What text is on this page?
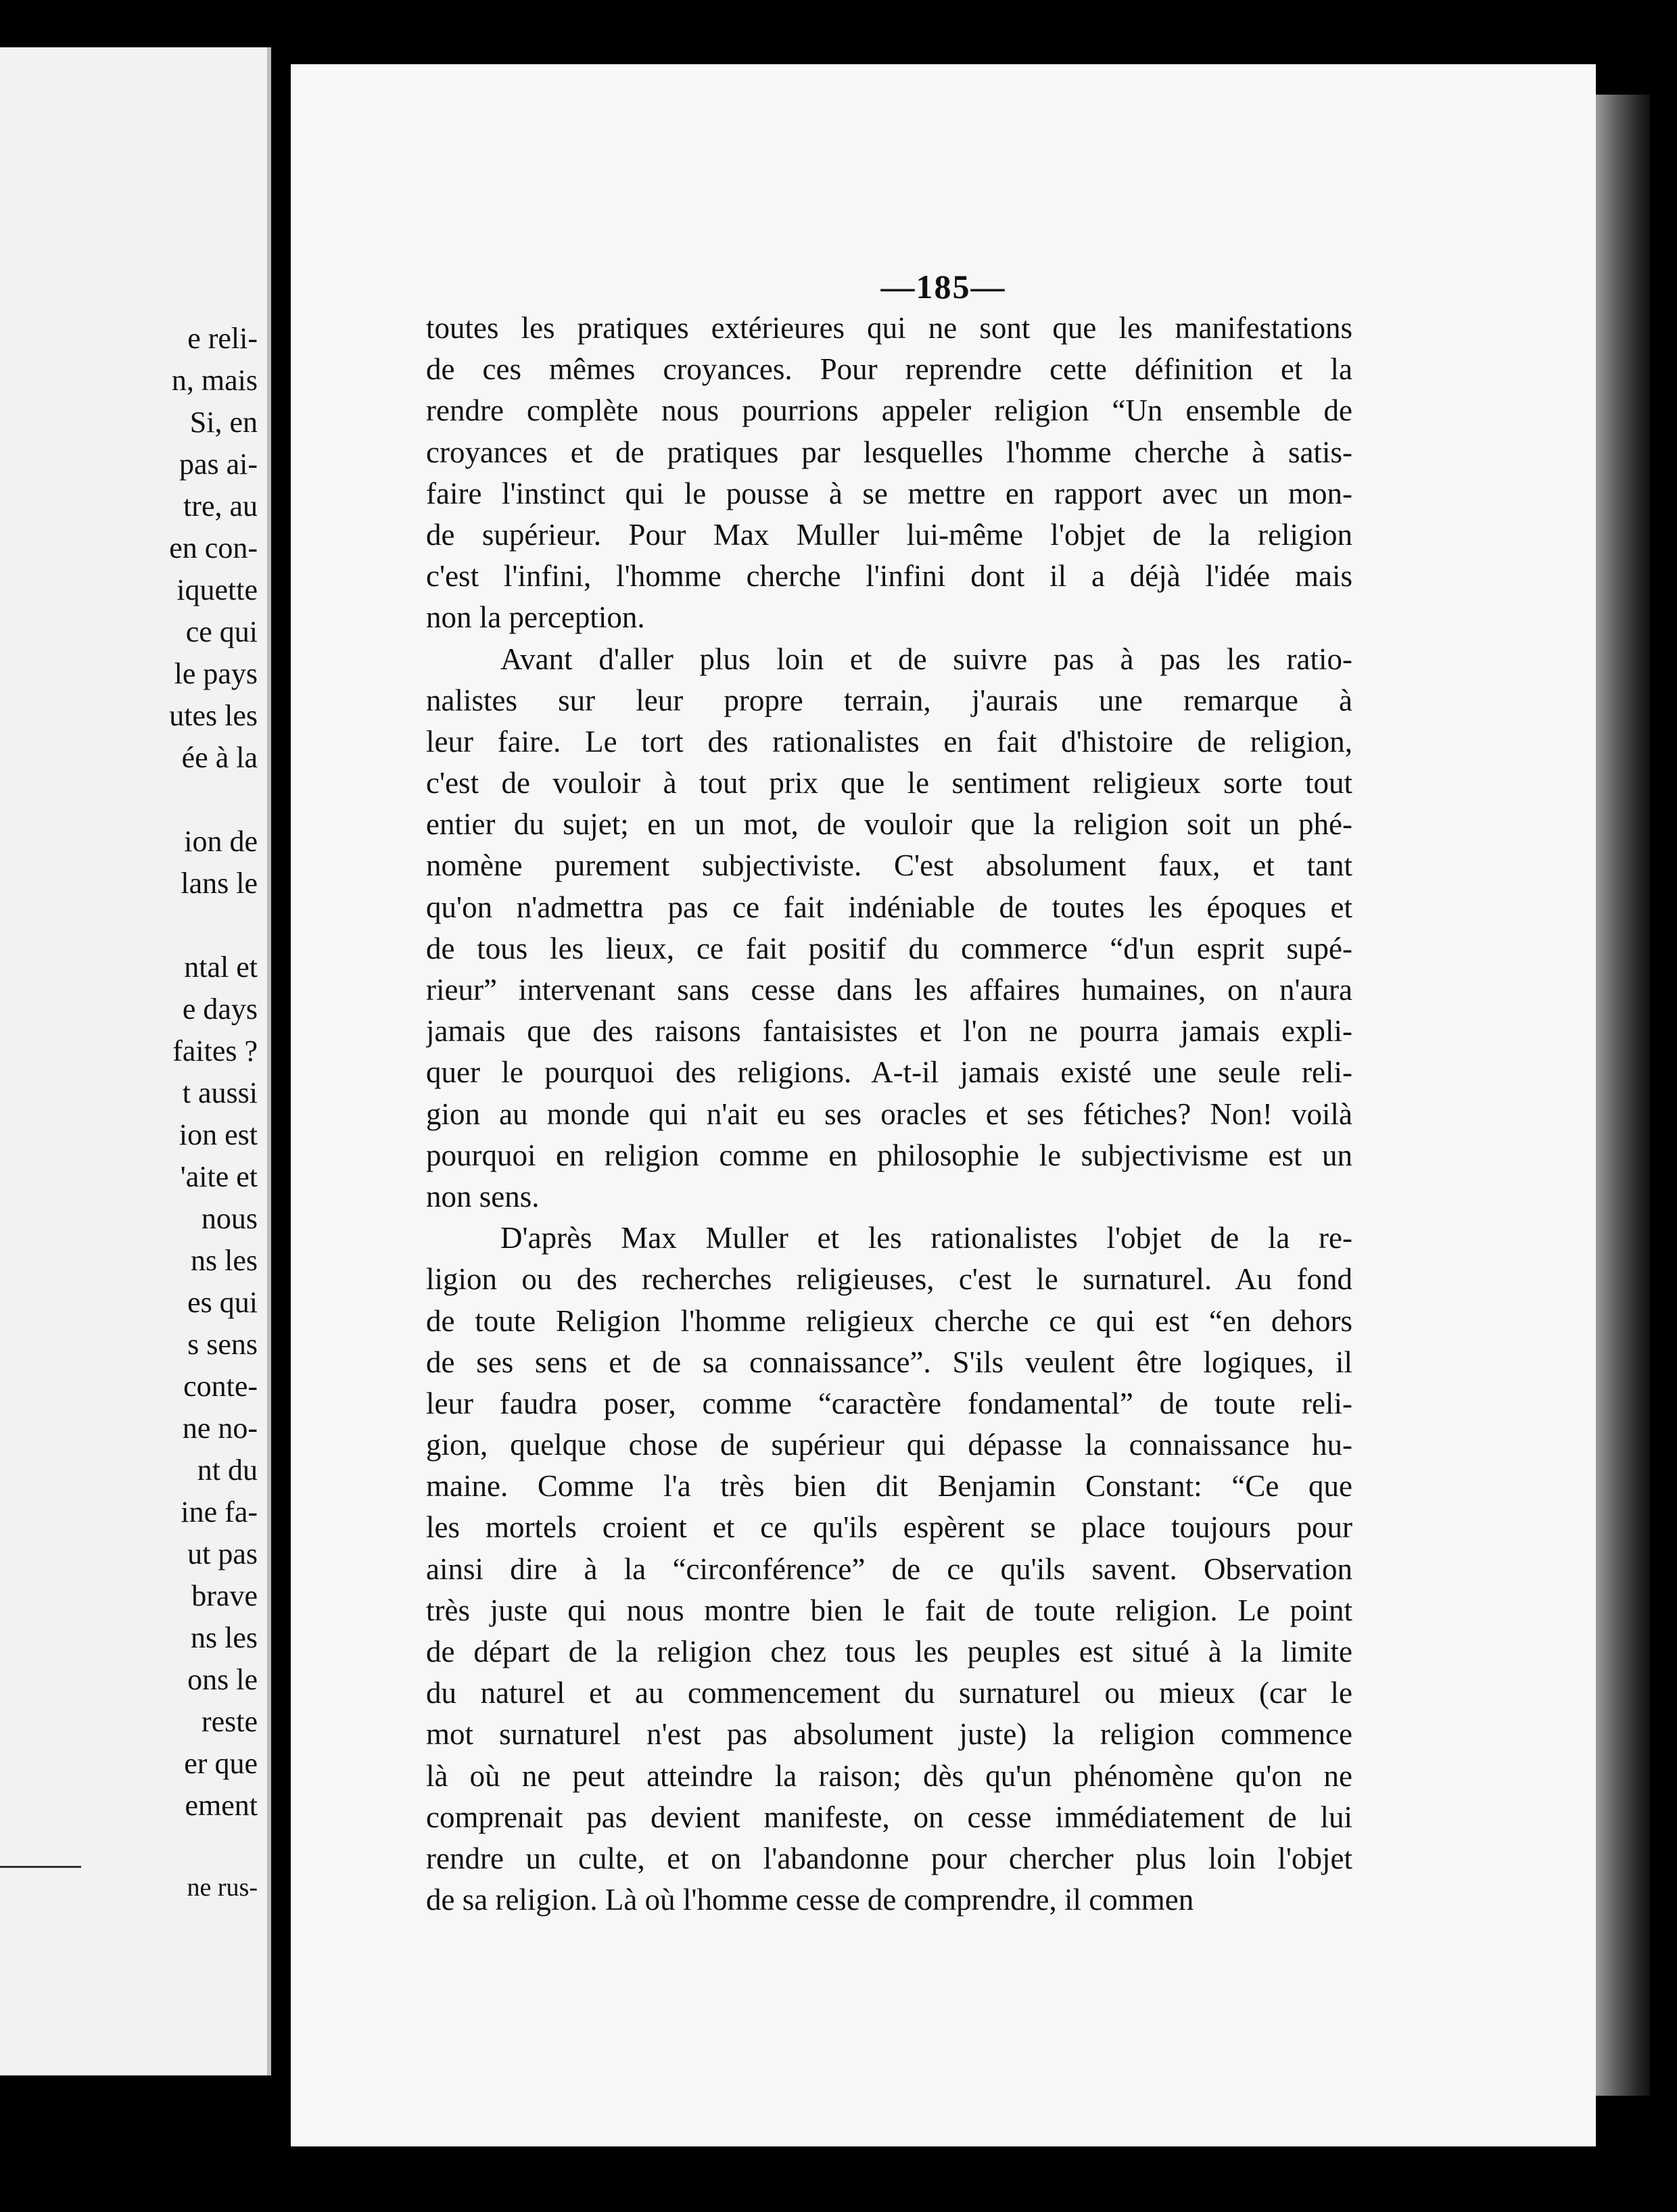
e reli-
n, mais
Si, en
pas ai-
tre, au
en con-
iquette
ce qui
le pays
utes les
ée à la
ion de
lans le
ntal et
e days
faites ?
t aussi
ion est
'aite et
nous
ns les
es qui
s sens
conte-
ne no-
nt du
ine fa-
ut pas
brave
ns les
ons le
reste
er que
ement
ne rus-
—185—
toutes les pratiques extérieures qui ne sont que les manifestations
de ces mêmes croyances. Pour reprendre cette définition et la
rendre complète nous pourrions appeler religion “Un ensemble de
croyances et de pratiques par lesquelles l'homme cherche à satis-
faire l'instinct qui le pousse à se mettre en rapport avec un mon-
de supérieur. Pour Max Muller lui-même l'objet de la religion
c'est l'infini, l'homme cherche l'infini dont il a déjà l'idée mais
non la perception.
Avant d'aller plus loin et de suivre pas à pas les ratio-
nalistes sur leur propre terrain, j'aurais une remarque à
leur faire. Le tort des rationalistes en fait d'histoire de religion,
c'est de vouloir à tout prix que le sentiment religieux sorte tout
entier du sujet; en un mot, de vouloir que la religion soit un phé-
nomène purement subjectiviste. C'est absolument faux, et tant
qu'on n'admettra pas ce fait indéniable de toutes les époques et
de tous les lieux, ce fait positif du commerce “d'un esprit supé-
rieur” intervenant sans cesse dans les affaires humaines, on n'aura
jamais que des raisons fantaisistes et l'on ne pourra jamais expli-
quer le pourquoi des religions. A-t-il jamais existé une seule reli-
gion au monde qui n'ait eu ses oracles et ses fétiches? Non! voilà
pourquoi en religion comme en philosophie le subjectivisme est un
non sens.
D'après Max Muller et les rationalistes l'objet de la re-
ligion ou des recherches religieuses, c'est le surnaturel. Au fond
de toute Religion l'homme religieux cherche ce qui est “en dehors
de ses sens et de sa connaissance”. S'ils veulent être logiques, il
leur faudra poser, comme “caractère fondamental” de toute reli-
gion, quelque chose de supérieur qui dépasse la connaissance hu-
maine. Comme l'a très bien dit Benjamin Constant: “Ce que
les mortels croient et ce qu'ils espèrent se place toujours pour
ainsi dire à la “circonférence” de ce qu'ils savent. Observation
très juste qui nous montre bien le fait de toute religion. Le point
de départ de la religion chez tous les peuples est situé à la limite
du naturel et au commencement du surnaturel ou mieux (car le
mot surnaturel n'est pas absolument juste) la religion commence
là où ne peut atteindre la raison; dès qu'un phénomène qu'on ne
comprenait pas devient manifeste, on cesse immédiatement de lui
rendre un culte, et on l'abandonne pour chercher plus loin l'objet
de sa religion. Là où l'homme cesse de comprendre, il commen
